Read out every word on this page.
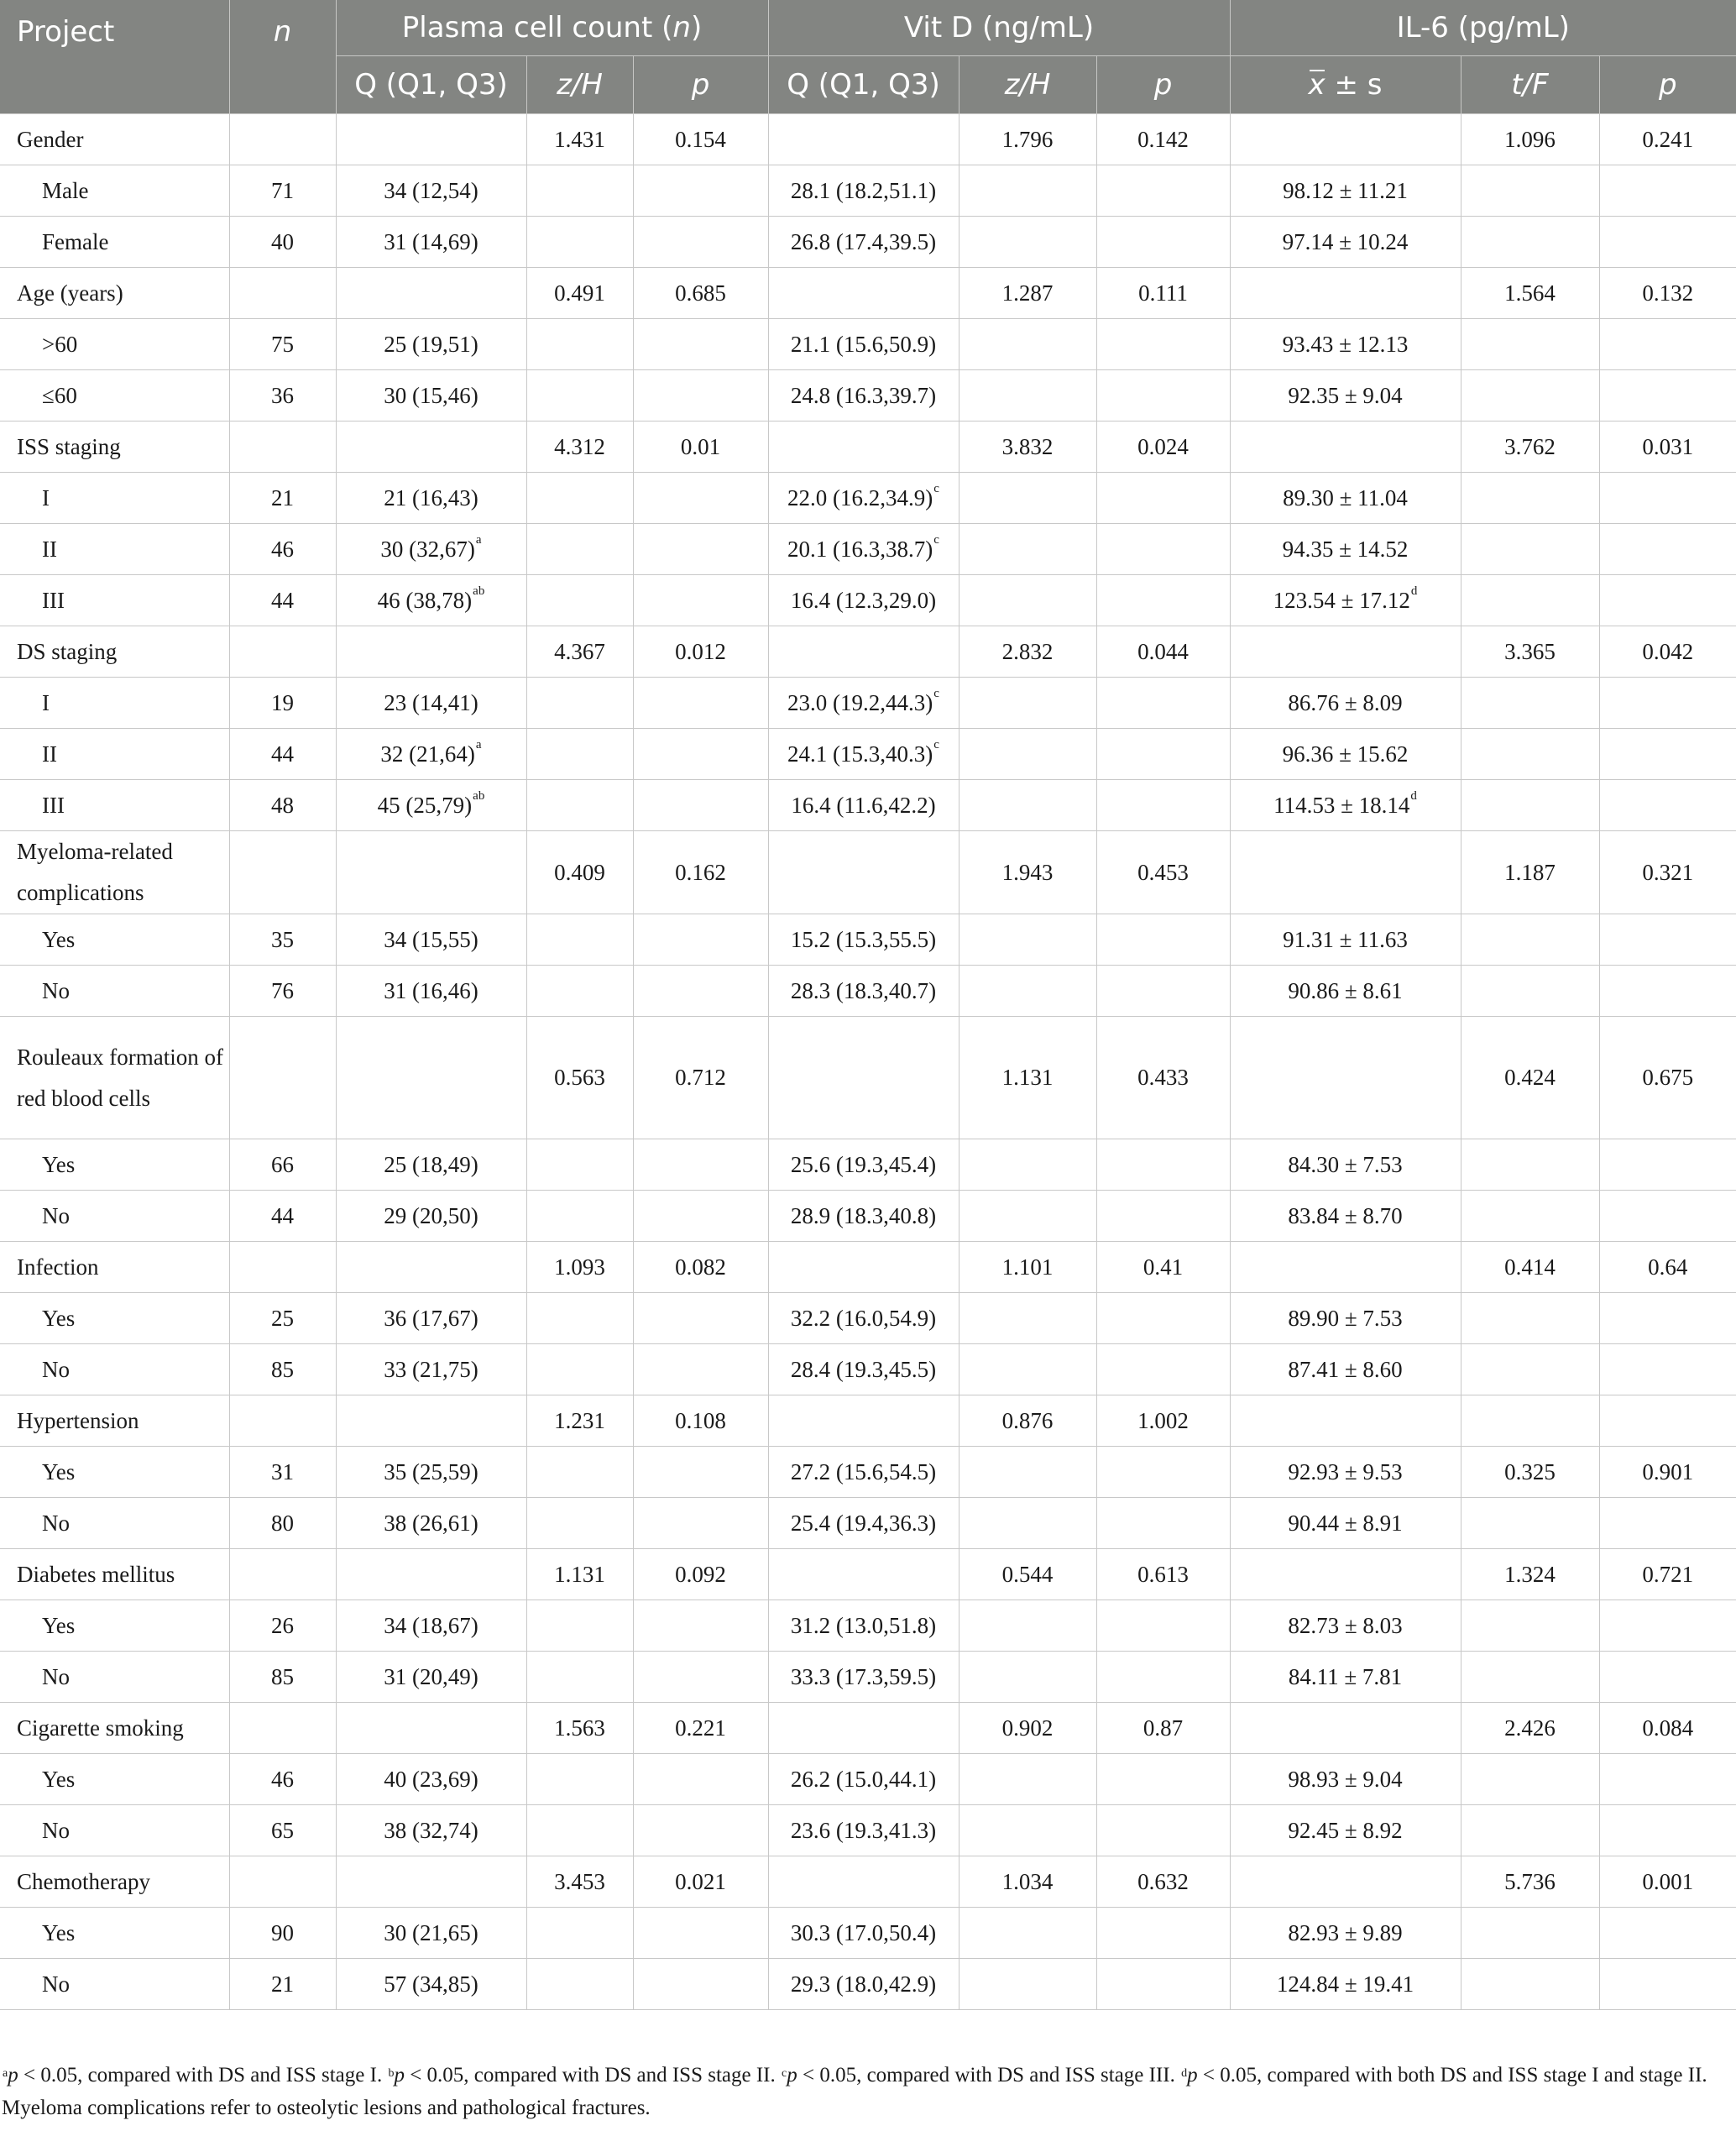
Project	n	Plasma cell count (n)			Vit D (ng/mL)			IL-6 (pg/mL)		
		Q (Q1, Q3)	z/H	p	Q (Q1, Q3)	z/H	p	x ± s	t/F	p
Gender			1.431	0.154		1.796	0.142		1.096	0.241
Male	71	34 (12,54)			28.1 (18.2,51.1)			98.12 ± 11.21		
Female	40	31 (14,69)			26.8 (17.4,39.5)			97.14 ± 10.24		
Age (years)			0.491	0.685		1.287	0.111		1.564	0.132
>60	75	25 (19,51)			21.1 (15.6,50.9)			93.43 ± 12.13		
≤60	36	30 (15,46)			24.8 (16.3,39.7)			92.35 ± 9.04		
ISS staging			4.312	0.01		3.832	0.024		3.762	0.031
I	21	21 (16,43)			22.0 $(16.2,34.9)^c$			89.30 ± 11.04		
II	46	30 $(32,67)^a$			20.1 $(16.3,38.7)^c$			94.35 ± 14.52		
III	44	46 $(38,78)^{ab}$			16.4 (12.3,29.0)			123.54 ± 17.12$^d$		
DS staging			4.367	0.012		2.832	0.044		3.365	0.042
I	19	23 (14,41)			23.0 $(19.2,44.3)^c$			86.76 ± 8.09		
II	44	32 $(21,64)^a$			24.1 $(15.3,40.3)^c$			96.36 ± 15.62		
III	48	45 $(25,79)^{ab}$			16.4 (11.6,42.2)			114.53 ± 18.14$^d$		
Myeloma-related complications			0.409	0.162		1.943	0.453		1.187	0.321
Yes	35	34 (15,55)			15.2 (15.3,55.5)			91.31 ± 11.63		
No	76	31 (16,46)			28.3 (18.3,40.7)			90.86 ± 8.61		
Rouleaux formation of red blood cells			0.563	0.712		1.131	0.433		0.424	0.675
Yes	66	25 (18,49)			25.6 (19.3,45.4)			84.30 ± 7.53		
No	44	29 (20,50)			28.9 (18.3,40.8)			83.84 ± 8.70		
Infection			1.093	0.082		1.101	0.41		0.414	0.64
Yes	25	36 (17,67)			32.2 (16.0,54.9)			89.90 ± 7.53		
No	85	33 (21,75)			28.4 (19.3,45.5)			87.41 ± 8.60		
Hypertension			1.231	0.108		0.876	1.002			
Yes	31	35 (25,59)			27.2 (15.6,54.5)			92.93 ± 9.53	0.325	0.901
No	80	38 (26,61)			25.4 (19.4,36.3)			90.44 ± 8.91		
Diabetes mellitus			1.131	0.092		0.544	0.613		1.324	0.721
Yes	26	34 (18,67)			31.2 (13.0,51.8)			82.73 ± 8.03		
No	85	31 (20,49)			33.3 (17.3,59.5)			84.11 ± 7.81		
Cigarette smoking			1.563	0.221		0.902	0.87		2.426	0.084
Yes	46	40 (23,69)			26.2 (15.0,44.1)			98.93 ± 9.04		
No	65	38 (32,74)			23.6 (19.3,41.3)			92.45 ± 8.92		
Chemotherapy			3.453	0.021		1.034	0.632		5.736	0.001
Yes	90	30 (21,65)			30.3 (17.0,50.4)			82.93 ± 9.89		
No	21	57 (34,85)			29.3 (18.0,42.9)			124.84 ± 19.41		
$^a$p < 0.05, compared with DS and ISS stage I. $^b$p < 0.05, compared with DS and ISS stage II. $^c$p < 0.05, compared with DS and ISS stage III. $^d$p < 0.05, compared with both DS and ISS stage I and stage II. Myeloma complications refer to osteolytic lesions and pathological fractures.
